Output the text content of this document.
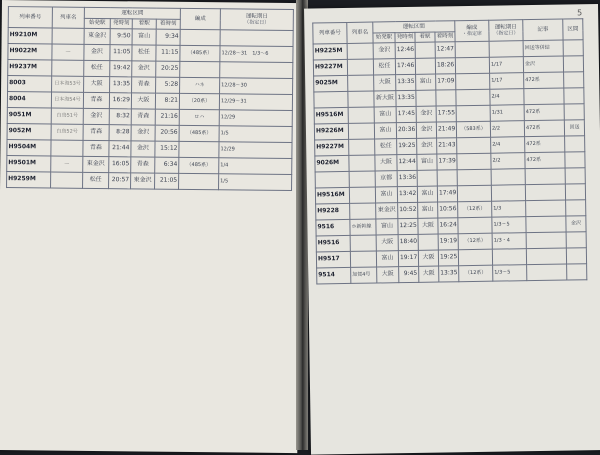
列車番号	列車名	運転区間				編成	運転期日
（指定日）
		始発駅	発時刻	着駅	着時刻		
H9210M		東金沢	9:50	富山	9:34		
H9022M	—	金沢	11:05	松任	11:15	（485系）	12/28〜31　1/3〜6
H9237M		松任	19:42	金沢	20:25		
8003	日本海53号	大阪	13:35	青森	5:28	ハネ	12/28〜30
8004	日本海54号	青森	16:29	大阪	8:21	（20系）	12/29〜31
9051M	白鳥51号	金沢	8:32	青森	21:16	ロハ	12/29
9052M	白鳥52号	青森	8:28	金沢	20:56	（485系）	1/5
H9504M		青森	21:44	金沢	15:12		12/29
H9501M	—	東金沢	16:05	青森	6:34	（485系）	1/4
H9259M		松任	20:57	東金沢	21:05		1/5
5
列車番号	列車名	運転区間				編成
・指定席	運転期日
（指定日）	記事	区間
		始発駅	発時刻	着駅	着時刻				
H9225M		金沢	12:46		12:47			回送等併結	
H9227M		松任	17:46		18:26		1/17	金沢	
9025M		大阪	13:35	富山	17:09		1/17	472系	
		新大阪	13:35				2/4		
H9516M		富山	17:45	金沢	17:55		1/31	472系	
H9226M		富山	20:36	金沢	21:49	（583系）	2/2	472系	回送
H9227M		松任	19:25	金沢	21:43		2/4	472系	
9026M		大阪	12:44	富山	17:39		2/2	472系	
		京都	13:36						
H9516M		富山	13:42	富山	17:49				
H9228		東金沢	10:52	富山	10:56	（12系）	1/3		
9516	ホ新幹線	富山	12:25	大阪	16:24		1/3〜5		金沢
H9516		大阪	18:40		19:19	（12系）	1/3・4		
H9517		富山	19:17	大阪	19:25				
9514	加賀4号	大阪	9:45	大阪	13:35	（12系）	1/3〜5		
